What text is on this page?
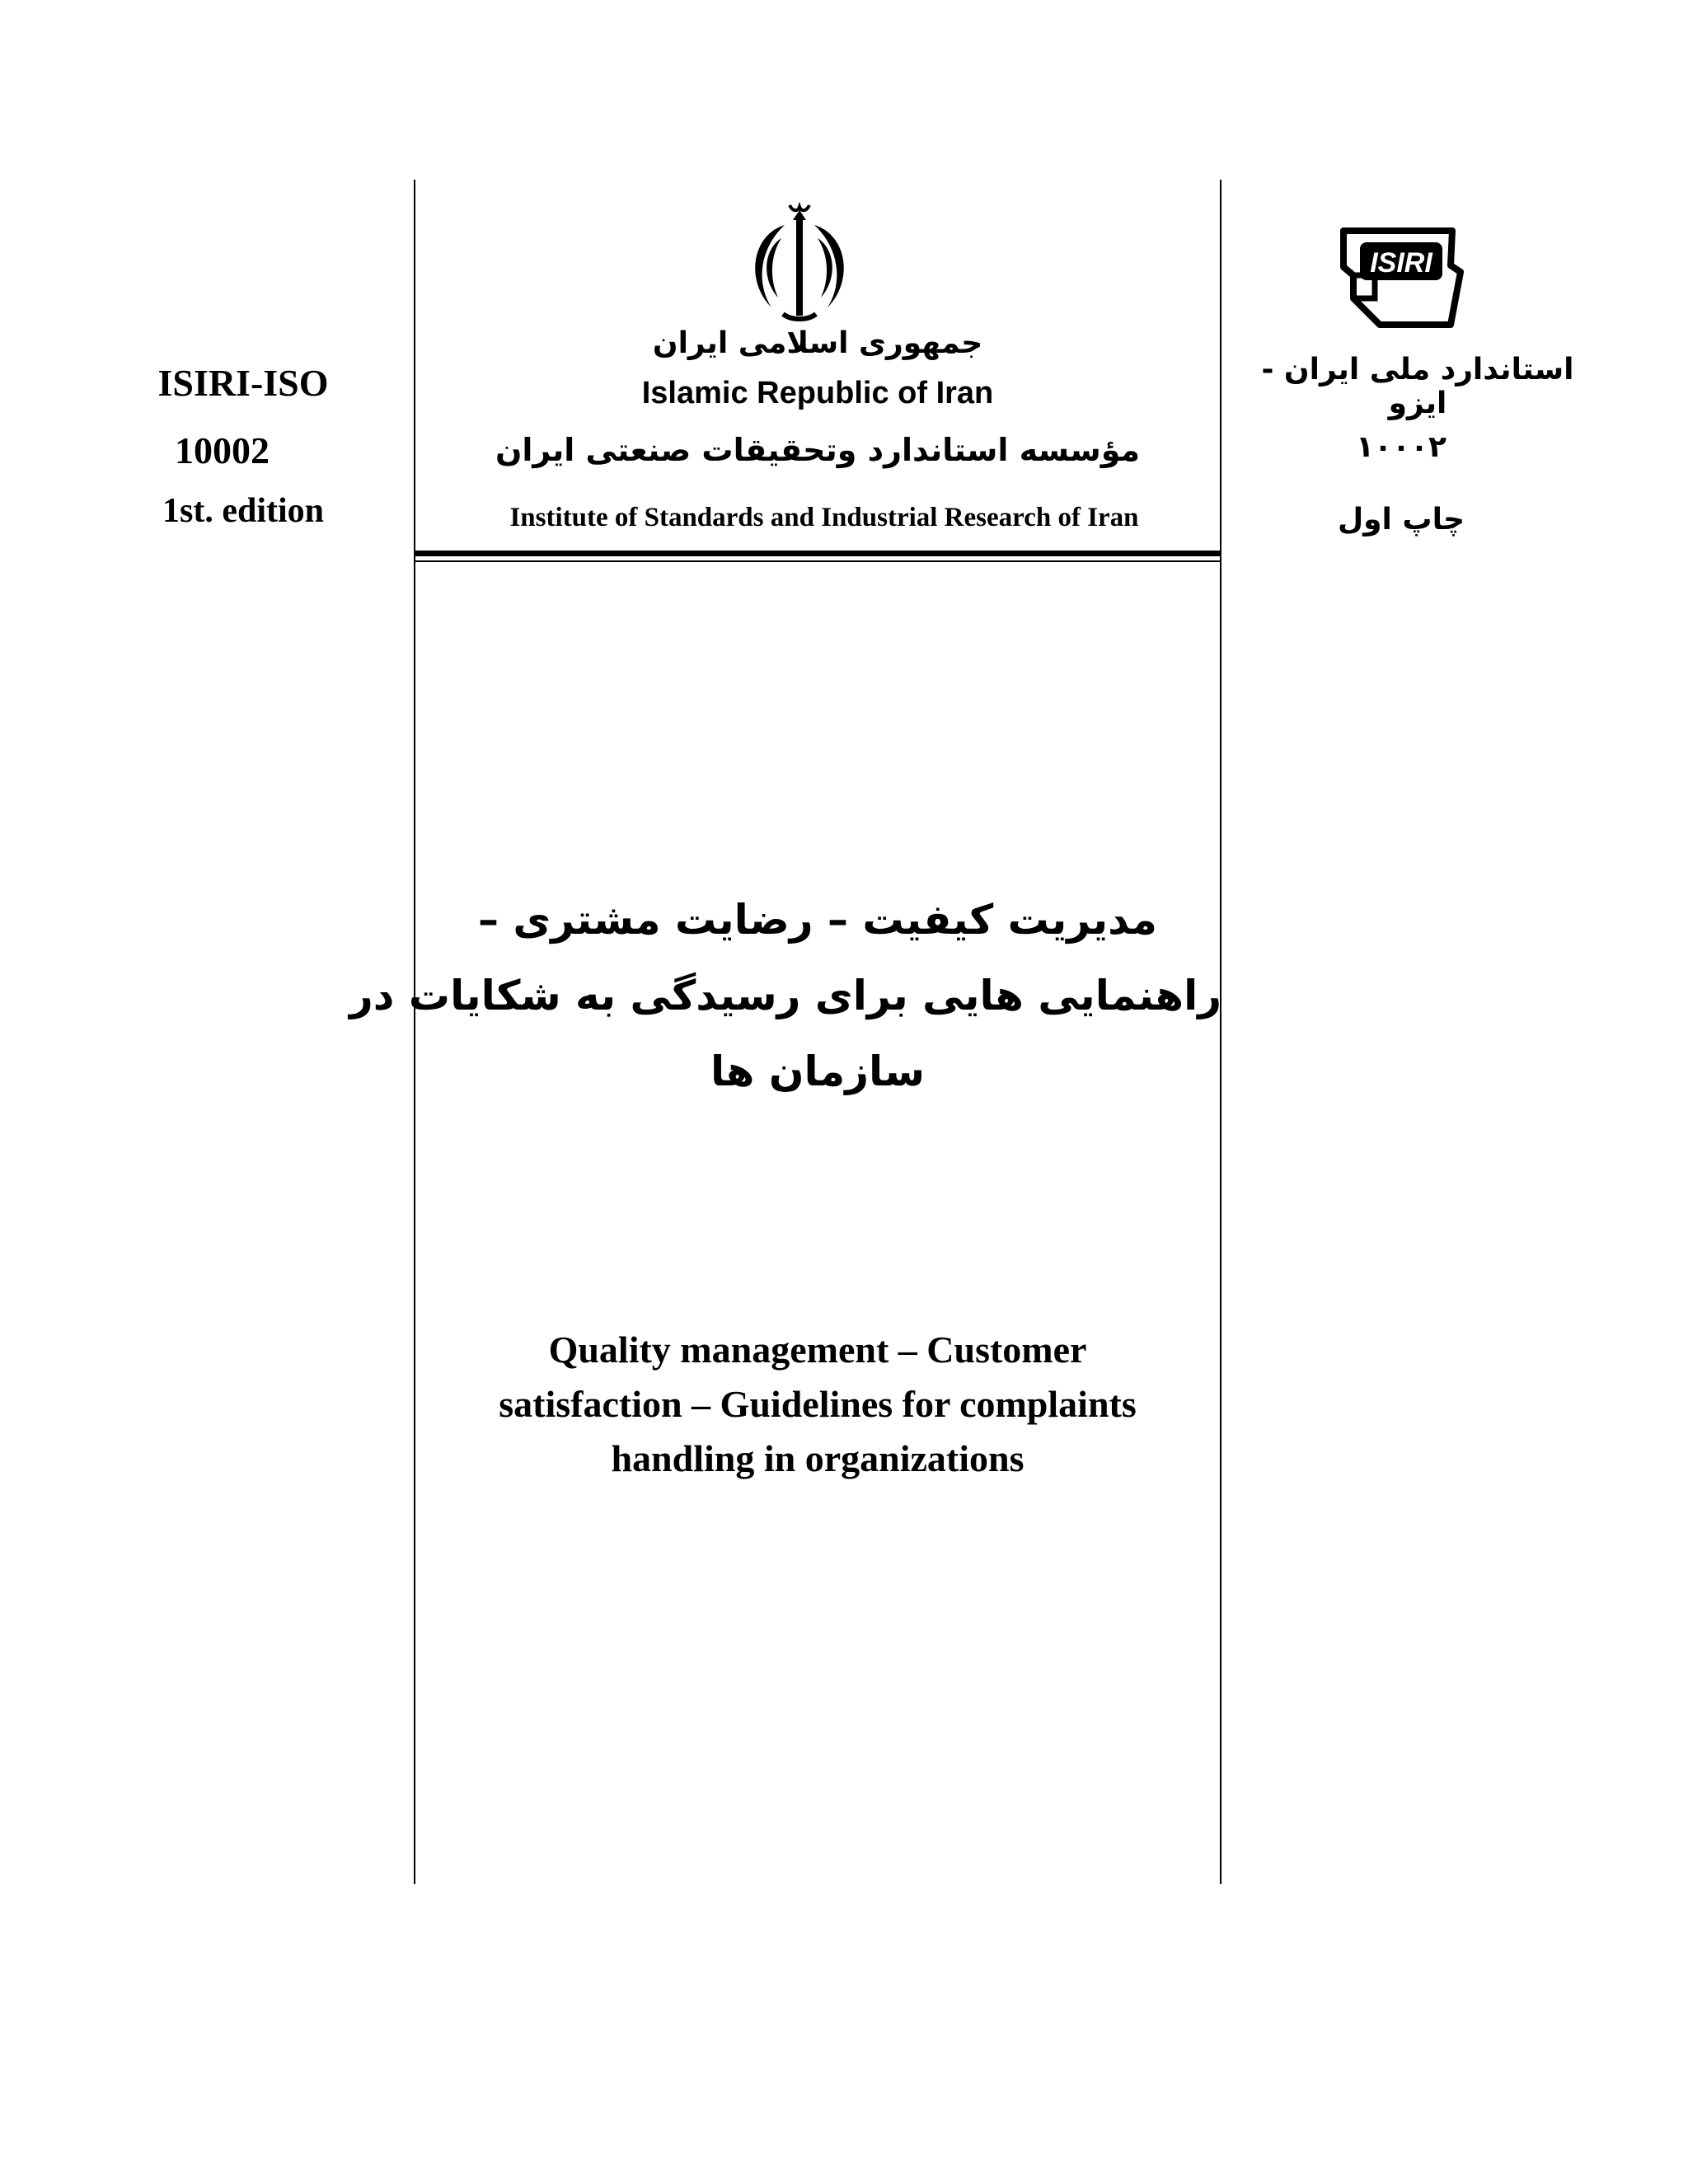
ISIRI-ISO
10002
1st. edition
ISIRI
استاندارد ملی ایران - ایزو
۱۰۰۰۲
چاپ اول
جمهوری اسلامی ایران
Islamic Republic of Iran
مؤسسه استاندارد وتحقیقات صنعتی ایران
Institute of Standards and Industrial Research of Iran
مدیریت کیفیت – رضایت مشتری –
راهنمایی هایی برای رسیدگی به شکایات در
سازمان ها
Quality management – Customer
satisfaction – Guidelines for complaints
handling in organizations
